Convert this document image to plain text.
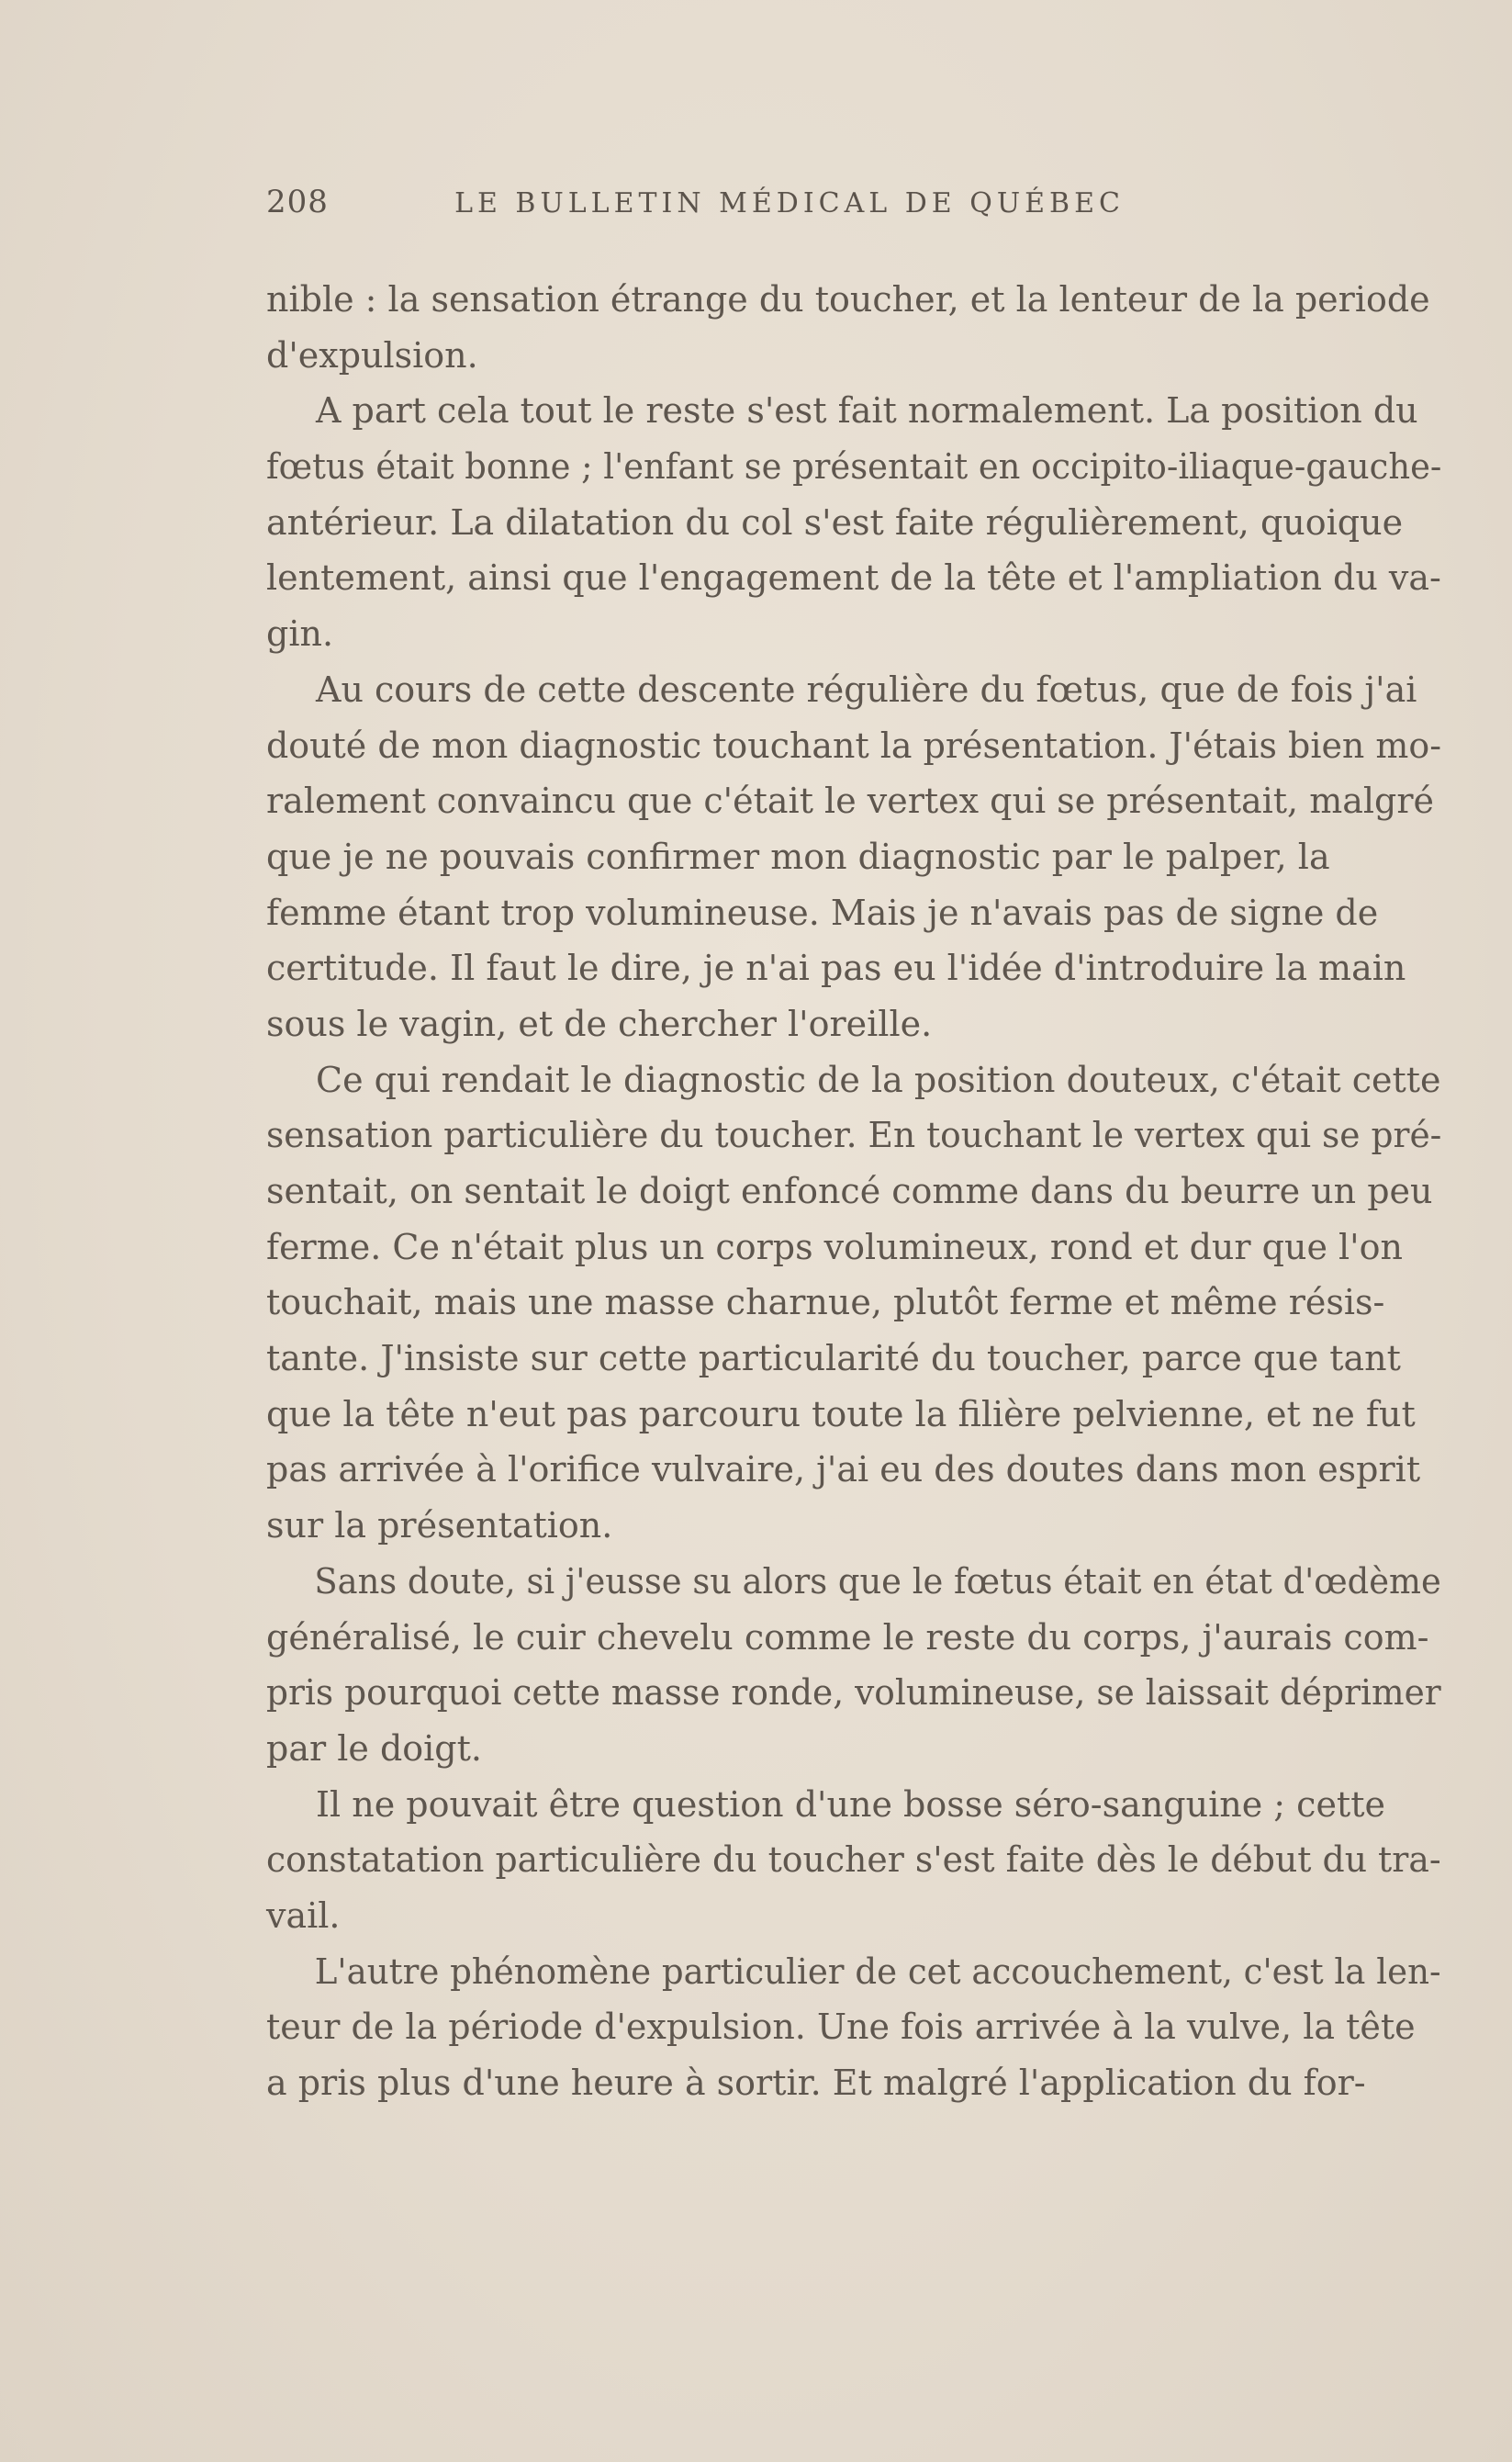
208	LE BULLETIN MÉDICAL DE QUÉBEC
nible : la sensation étrange du toucher, et la lenteur de la periode
d'expulsion.
A part cela tout le reste s'est fait normalement. La position du
fœtus était bonne ; l'enfant se présentait en occipito-iliaque-gauche-
antérieur. La dilatation du col s'est faite régulièrement, quoique
lentement, ainsi que l'engagement de la tête et l'ampliation du va-
gin.
Au cours de cette descente régulière du fœtus, que de fois j'ai
douté de mon diagnostic touchant la présentation. J'étais bien mo-
ralement convaincu que c'était le vertex qui se présentait, malgré
que je ne pouvais confirmer mon diagnostic par le palper, la
femme étant trop volumineuse. Mais je n'avais pas de signe de
certitude. Il faut le dire, je n'ai pas eu l'idée d'introduire la main
sous le vagin, et de chercher l'oreille.
Ce qui rendait le diagnostic de la position douteux, c'était cette
sensation particulière du toucher. En touchant le vertex qui se pré-
sentait, on sentait le doigt enfoncé comme dans du beurre un peu
ferme. Ce n'était plus un corps volumineux, rond et dur que l'on
touchait, mais une masse charnue, plutôt ferme et même résis-
tante. J'insiste sur cette particularité du toucher, parce que tant
que la tête n'eut pas parcouru toute la filière pelvienne, et ne fut
pas arrivée à l'orifice vulvaire, j'ai eu des doutes dans mon esprit
sur la présentation.
Sans doute, si j'eusse su alors que le fœtus était en état d'œdème
généralisé, le cuir chevelu comme le reste du corps, j'aurais com-
pris pourquoi cette masse ronde, volumineuse, se laissait déprimer
par le doigt.
Il ne pouvait être question d'une bosse séro-sanguine ; cette
constatation particulière du toucher s'est faite dès le début du tra-
vail.
L'autre phénomène particulier de cet accouchement, c'est la len-
teur de la période d'expulsion. Une fois arrivée à la vulve, la tête
a pris plus d'une heure à sortir. Et malgré l'application du for-
